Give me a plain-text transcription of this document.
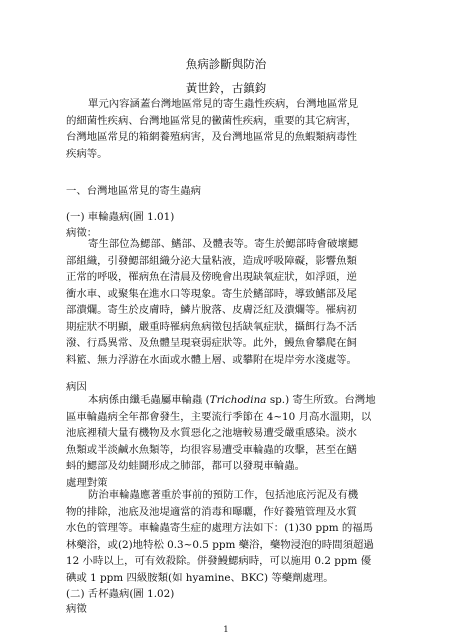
魚病診斷與防治
黃世鈴，古鎮鈞
單元內容涵蓋台灣地區常見的寄生蟲性疾病，台灣地區常見
的細菌性疾病、台灣地區常見的黴菌性疾病，重要的其它病害，
台灣地區常見的箱網養殖病害，及台灣地區常見的魚蝦類病毒性
疾病等。
一、台灣地區常見的寄生蟲病
(一) 車輪蟲病(圖 1.01)
病徵：
寄生部位為鰓部、鰭部、及體表等。寄生於鰓部時會破壞鰓
部組織，引發鰓部組織分泌大量粘液，造成呼吸障礙，影響魚類
正常的呼吸，罹病魚在清晨及傍晚會出現缺氧症狀，如浮頭，逆
衝水車、或聚集在進水口等現象。寄生於鰭部時，導致鰭部及尾
部潰爛。寄生於皮膚時，鱗片脫落、皮膚泛紅及潰爛等。罹病初
期症狀不明顯，嚴重時罹病魚病徵包括缺氧症狀，攝餌行為不活
潑、行爲異常、及魚體呈現衰弱症狀等。此外，鰻魚會攀爬在飼
料籃、無力浮游在水面或水體上層、或攀附在堤岸旁水淺處等。
病因
本病係由纖毛蟲屬車輪蟲 (Trichodina sp.) 寄生所致。台灣地
區車輪蟲病全年都會發生，主要流行季節在 4~10 月高水溫期，以
池底裡積大量有機物及水質惡化之池塘較易遭受嚴重感染。淡水
魚類或半淡鹹水魚類等，均很容易遭受車輪蟲的攻擊，甚至在鱔
蚪的鰓部及幼蛙鬪形成之肺部，都可以發現車輪蟲。
處理對策
防治車輪蟲應著重於事前的預防工作，包括池底污泥及有機
物的排除，池底及池堤適當的消毒和曝曬，作好養殖管理及水質
水色的管理等。車輪蟲寄生症的處理方法如下：(1)30 ppm 的福馬
林藥浴，或(2)地特松 0.3~0.5 ppm 藥浴，藥物浸泡的時間須超過
12 小時以上，可有效殺除。併發鰻鰓病時，可以施用 0.2 ppm 優
碘或 1 ppm 四級胺類(如 hyamine、BKC) 等藥劑處理。
(二) 舌杯蟲病(圖 1.02)
病徵
1
